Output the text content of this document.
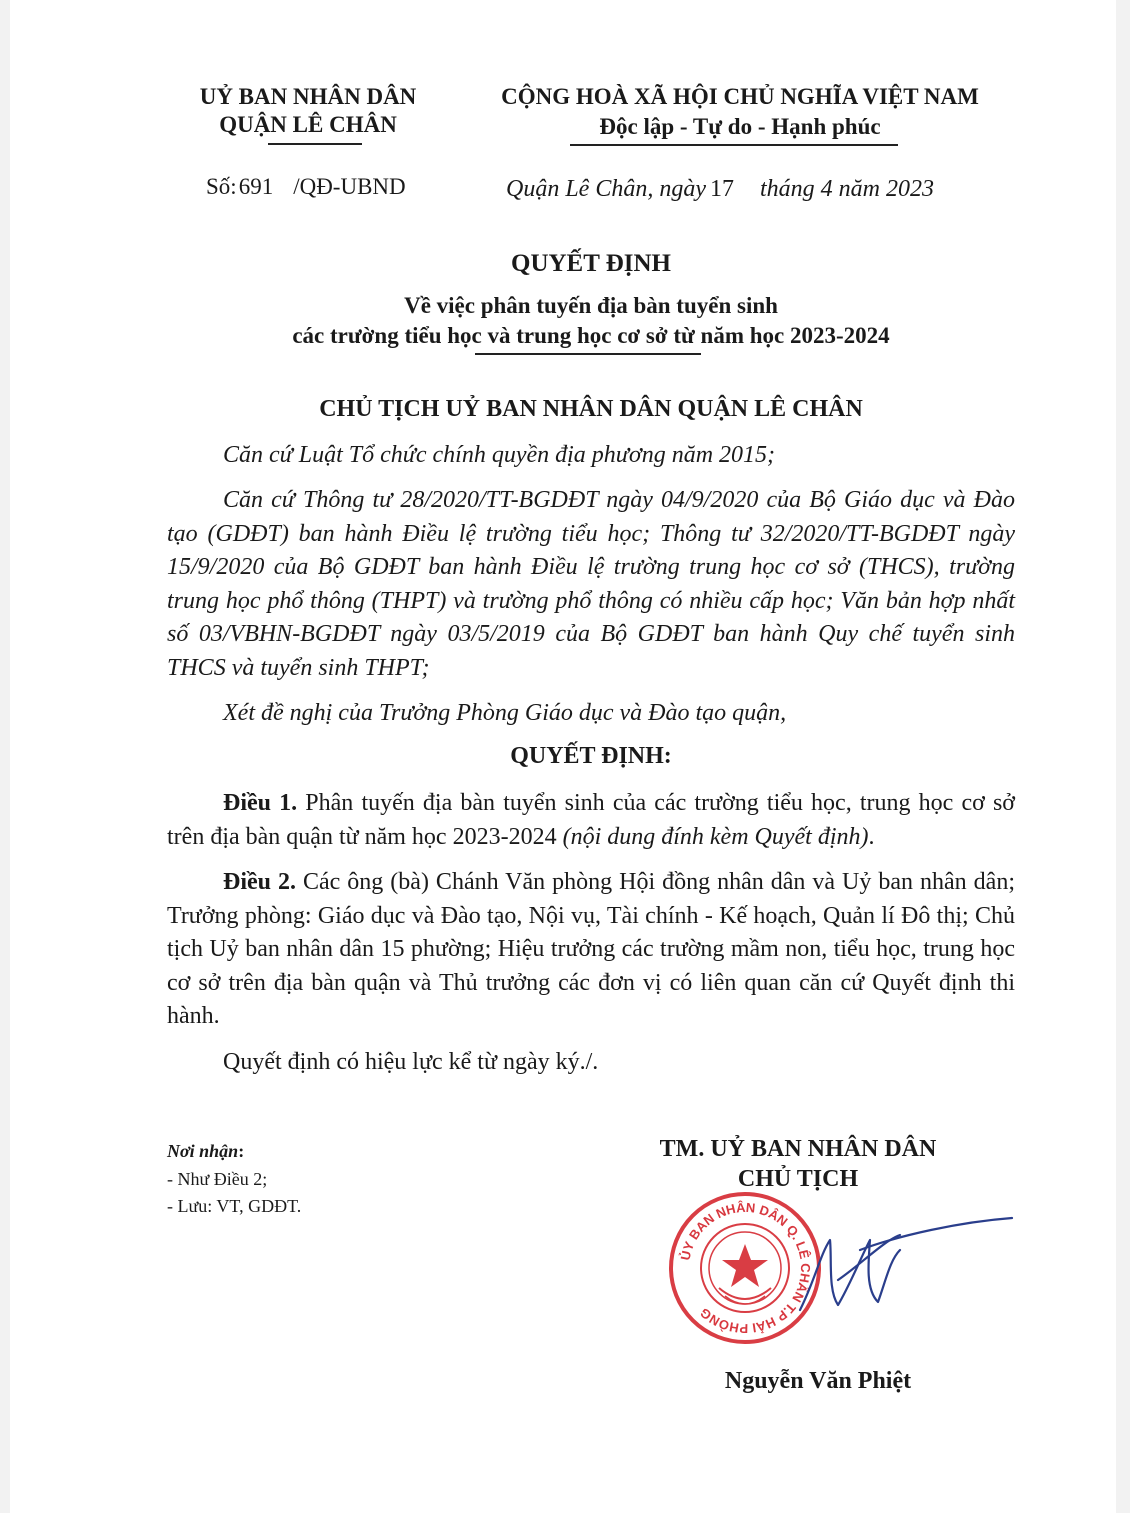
UỶ BAN NHÂN DÂN
QUẬN LÊ CHÂN
CỘNG HOÀ XÃ HỘI CHỦ NGHĨA VIỆT NAM
Độc lập - Tự do - Hạnh phúc
Số:691 /QĐ-UBND	Quận Lê Chân, ngày 17 tháng 4 năm 2023
QUYẾT ĐỊNH
Về việc phân tuyến địa bàn tuyển sinh
các trường tiểu học và trung học cơ sở từ năm học 2023-2024
CHỦ TỊCH UỶ BAN NHÂN DÂN QUẬN LÊ CHÂN
Căn cứ Luật Tổ chức chính quyền địa phương năm 2015;
Căn cứ Thông tư 28/2020/TT-BGDĐT ngày 04/9/2020 của Bộ Giáo dục và Đào tạo (GDĐT) ban hành Điều lệ trường tiểu học; Thông tư 32/2020/TT-BGDĐT ngày 15/9/2020 của Bộ GDĐT ban hành Điều lệ trường trung học cơ sở (THCS), trường trung học phổ thông (THPT) và trường phổ thông có nhiều cấp học; Văn bản hợp nhất số 03/VBHN-BGDĐT ngày 03/5/2019 của Bộ GDĐT ban hành Quy chế tuyển sinh THCS và tuyển sinh THPT;
Xét đề nghị của Trưởng Phòng Giáo dục và Đào tạo quận,
QUYẾT ĐỊNH:
Điều 1. Phân tuyến địa bàn tuyển sinh của các trường tiểu học, trung học cơ sở trên địa bàn quận từ năm học 2023-2024 (nội dung đính kèm Quyết định).
Điều 2. Các ông (bà) Chánh Văn phòng Hội đồng nhân dân và Uỷ ban nhân dân; Trưởng phòng: Giáo dục và Đào tạo, Nội vụ, Tài chính - Kế hoạch, Quản lí Đô thị; Chủ tịch Uỷ ban nhân dân 15 phường; Hiệu trưởng các trường mầm non, tiểu học, trung học cơ sở trên địa bàn quận và Thủ trưởng các đơn vị có liên quan căn cứ Quyết định thi hành.
Quyết định có hiệu lực kể từ ngày ký./.
Nơi nhận:
- Như Điều 2;
- Lưu: VT, GDĐT.
TM. UỶ BAN NHÂN DÂN
CHỦ TỊCH
ỦY BAN NHÂN DÂN Q. LÊ CHÂN T.P HẢI PHÒNG
Nguyễn Văn Phiệt
